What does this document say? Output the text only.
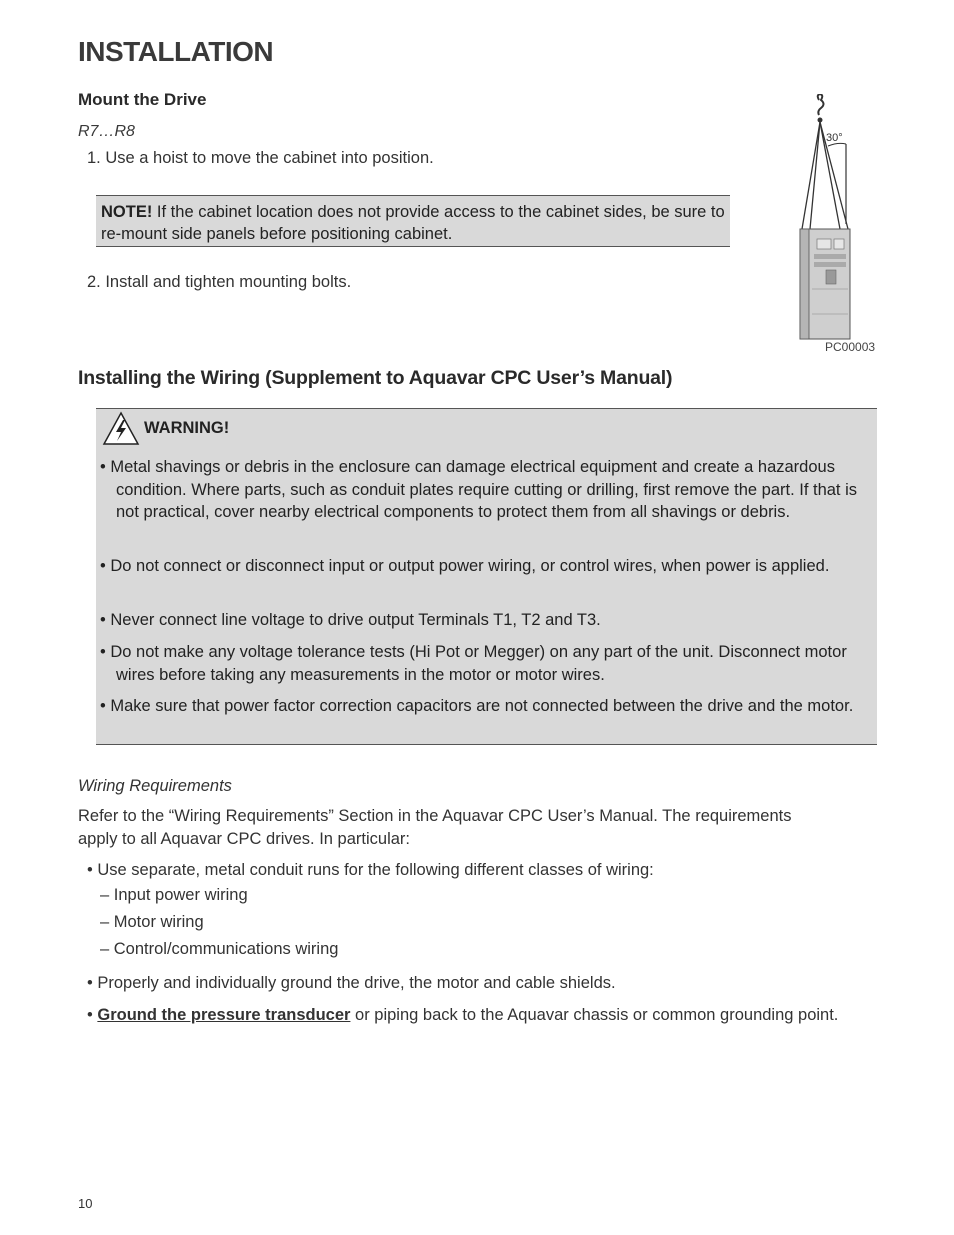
INSTALLATION
Mount the Drive
R7…R8
1. Use a hoist to move the cabinet into position.
NOTE! If the cabinet location does not provide access to the cabinet sides, be sure to re-mount side panels before positioning cabinet.
2. Install and tighten mounting bolts.
30°
PC00003
Installing the Wiring (Supplement to Aquavar CPC User’s Manual)
WARNING!
• Metal shavings or debris in the enclosure can damage electrical equipment and create a hazardous condition. Where parts, such as conduit plates require cutting or drilling, first remove the part. If that is not practical, cover nearby electrical components to protect them from all shavings or debris.
• Do not connect or disconnect input or output power wiring, or control wires, when power is applied.
• Never connect line voltage to drive output Terminals T1, T2 and T3.
• Do not make any voltage tolerance tests (Hi Pot or Megger) on any part of the unit. Disconnect motor wires before taking any measurements in the motor or motor wires.
• Make sure that power factor correction capacitors are not connected between the drive and the motor.
Wiring Requirements
Refer to the “Wiring Requirements” Section in the Aquavar CPC User’s Manual. The requirements apply to all Aquavar CPC drives. In particular:
• Use separate, metal conduit runs for the following different classes of wiring:
– Input power wiring
– Motor wiring
– Control/communications wiring
• Properly and individually ground the drive, the motor and cable shields.
• Ground the pressure transducer or piping back to the Aquavar chassis or common grounding point.
10
